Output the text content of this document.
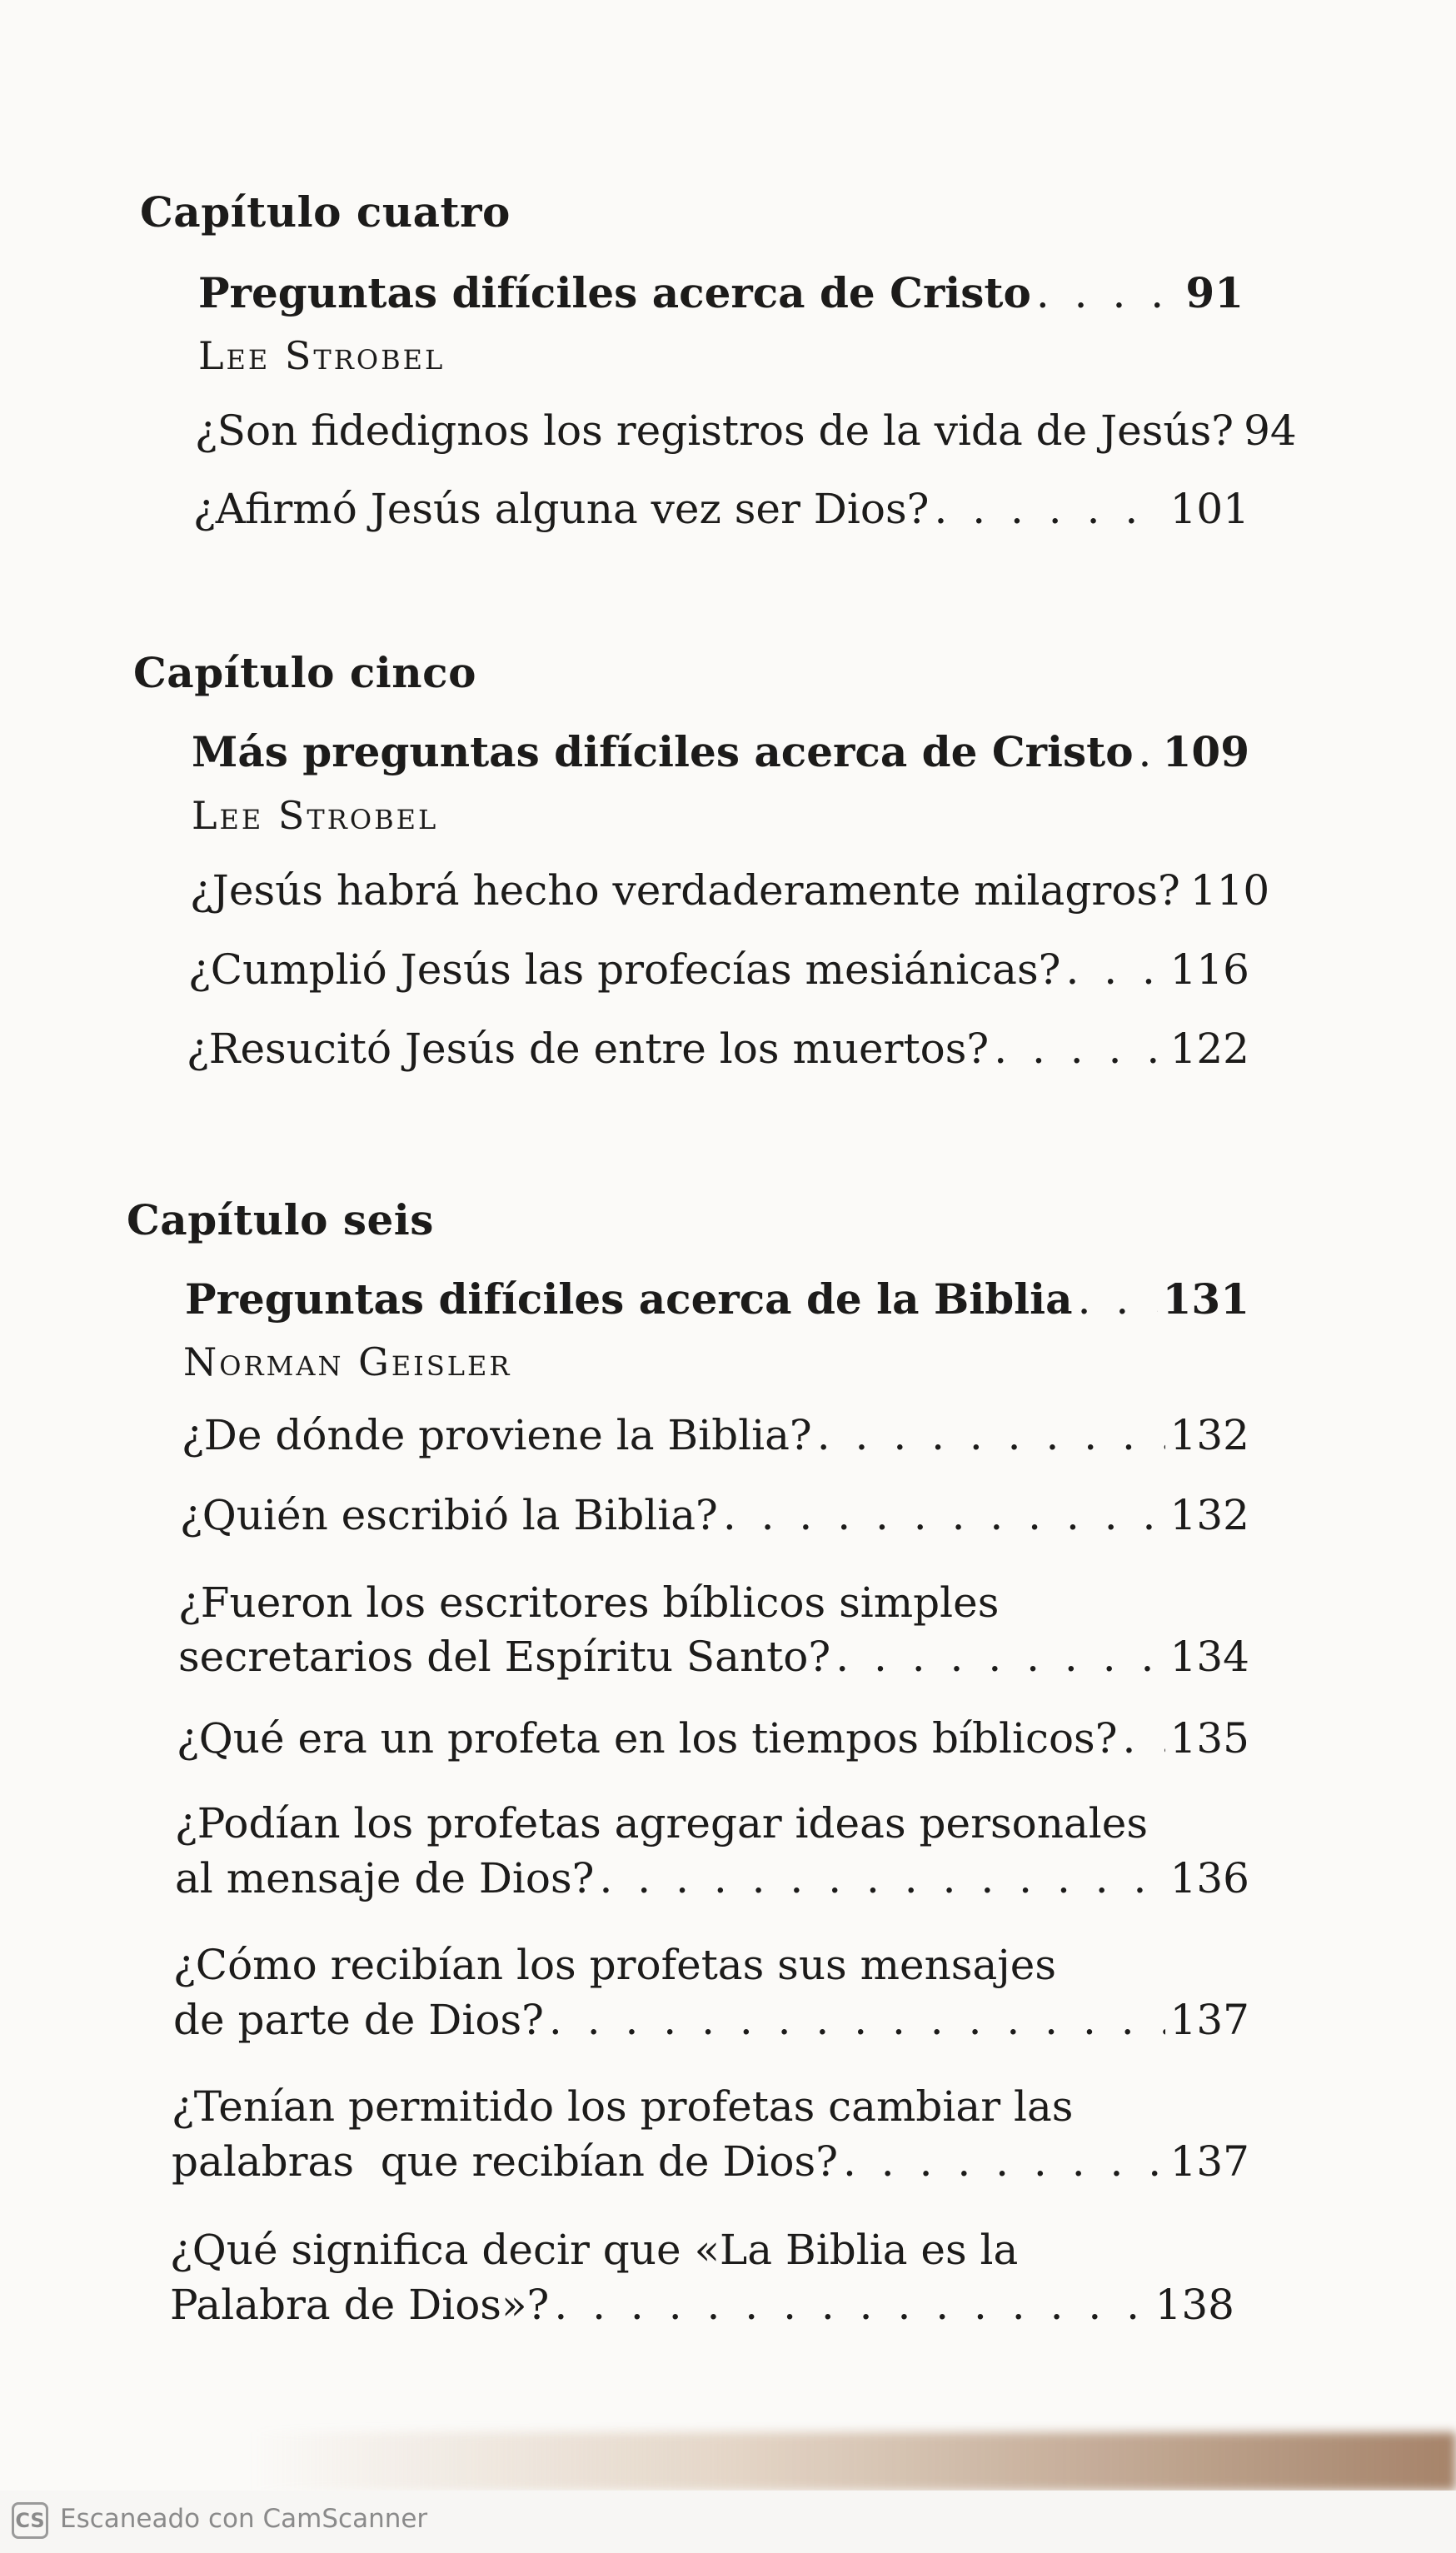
Capítulo cuatro
Preguntas difíciles acerca de Cristo . . .	91
Lee Strobel
¿Son fidedignos los registros de la vida de Jesús? 94
¿Afirmó Jesús alguna vez ser Dios? . . .	101
Capítulo cinco
Más preguntas difíciles acerca de Cristo . . . 109
Lee Strobel
¿Jesús habrá hecho verdaderamente milagros? 110
¿Cumplió Jesús las profecías mesiánicas? . . .	116
¿Resucitó Jesús de entre los muertos? . . .	122
Capítulo seis
Preguntas difíciles acerca de la Biblia . . . 131
Norman Geisler
¿De dónde proviene la Biblia? . . .	132
¿Quién escribió la Biblia? . . .	132
¿Fueron los escritores bíblicos simples
secretarios del Espíritu Santo? . . .	134
¿Qué era un profeta en los tiempos bíblicos? . . . 135
¿Podían los profetas agregar ideas personales
al mensaje de Dios? . . .	136
¿Cómo recibían los profetas sus mensajes
de parte de Dios? . . .	137
¿Tenían permitido los profetas cambiar las
palabras  que recibían de Dios? . . .	137
¿Qué significa decir que «La Biblia es la
Palabra de Dios»? . . .	138
CS Escaneado con CamScanner
